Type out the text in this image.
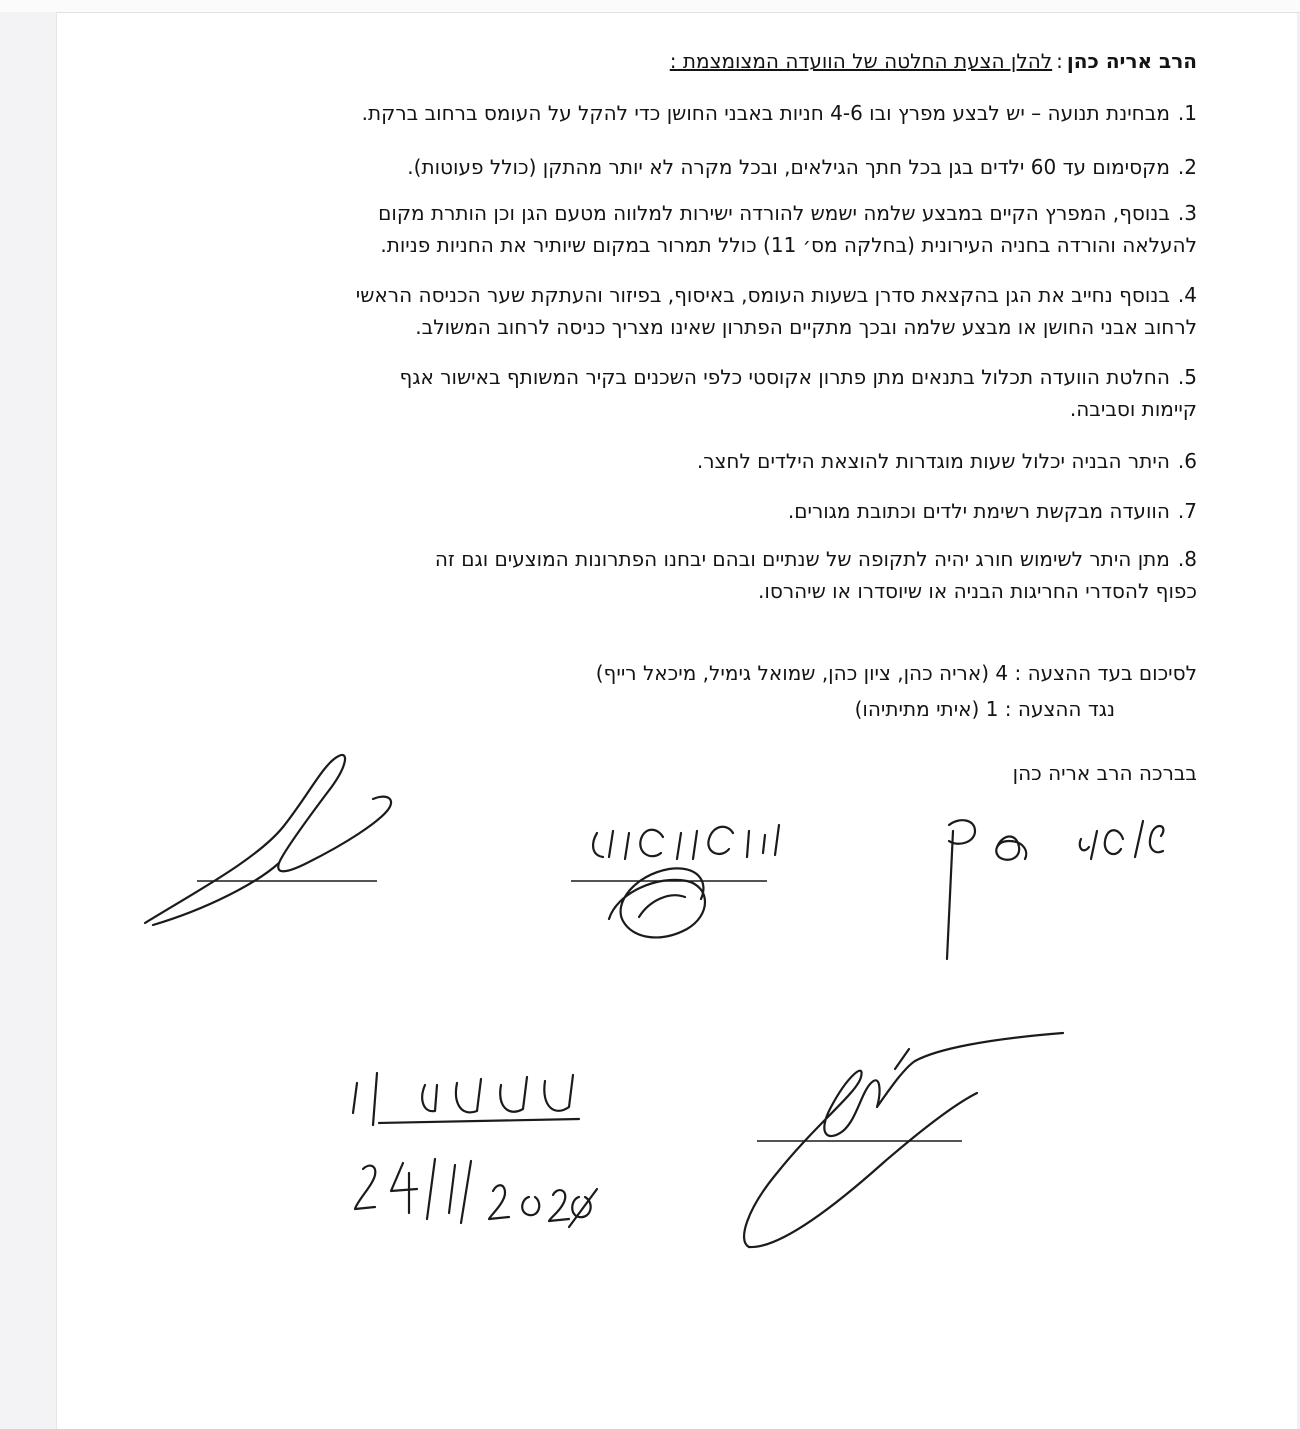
הרב אריה כהן:להלן הצעת החלטה של הוועדה המצומצמת :
1.מבחינת תנועה – יש לבצע מפרץ ובו 4-6 חניות באבני החושן כדי להקל על העומס ברחוב ברקת.
2.מקסימום עד 60 ילדים בגן בכל חתך הגילאים, ובכל מקרה לא יותר מהתקן (כולל פעוטות).
3.בנוסף, המפרץ הקיים במבצע שלמה ישמש להורדה ישירות למלווה מטעם הגן וכן הותרת מקום
להעלאה והורדה בחניה העירונית (בחלקה מס׳ 11) כולל תמרור במקום שיותיר את החניות פניות.
4.בנוסף נחייב את הגן בהקצאת סדרן בשעות העומס, באיסוף, בפיזור והעתקת שער הכניסה הראשי
לרחוב אבני החושן או מבצע שלמה ובכך מתקיים הפתרון שאינו מצריך כניסה לרחוב המשולב.
5.החלטת הוועדה תכלול בתנאים מתן פתרון אקוסטי כלפי השכנים בקיר המשותף באישור אגף
קיימות וסביבה.
6.היתר הבניה יכלול שעות מוגדרות להוצאת הילדים לחצר.
7.הוועדה מבקשת רשימת ילדים וכתובת מגורים.
8.מתן היתר לשימוש חורג יהיה לתקופה של שנתיים ובהם יבחנו הפתרונות המוצעים וגם זה
כפוף להסדרי החריגות הבניה או שיוסדרו או שיהרסו.
לסיכום בעד ההצעה : 4 (אריה כהן, ציון כהן, שמואל גימיל, מיכאל רייף)
נגד ההצעה : 1 (איתי מתיתיהו)
בברכה הרב אריה כהן
